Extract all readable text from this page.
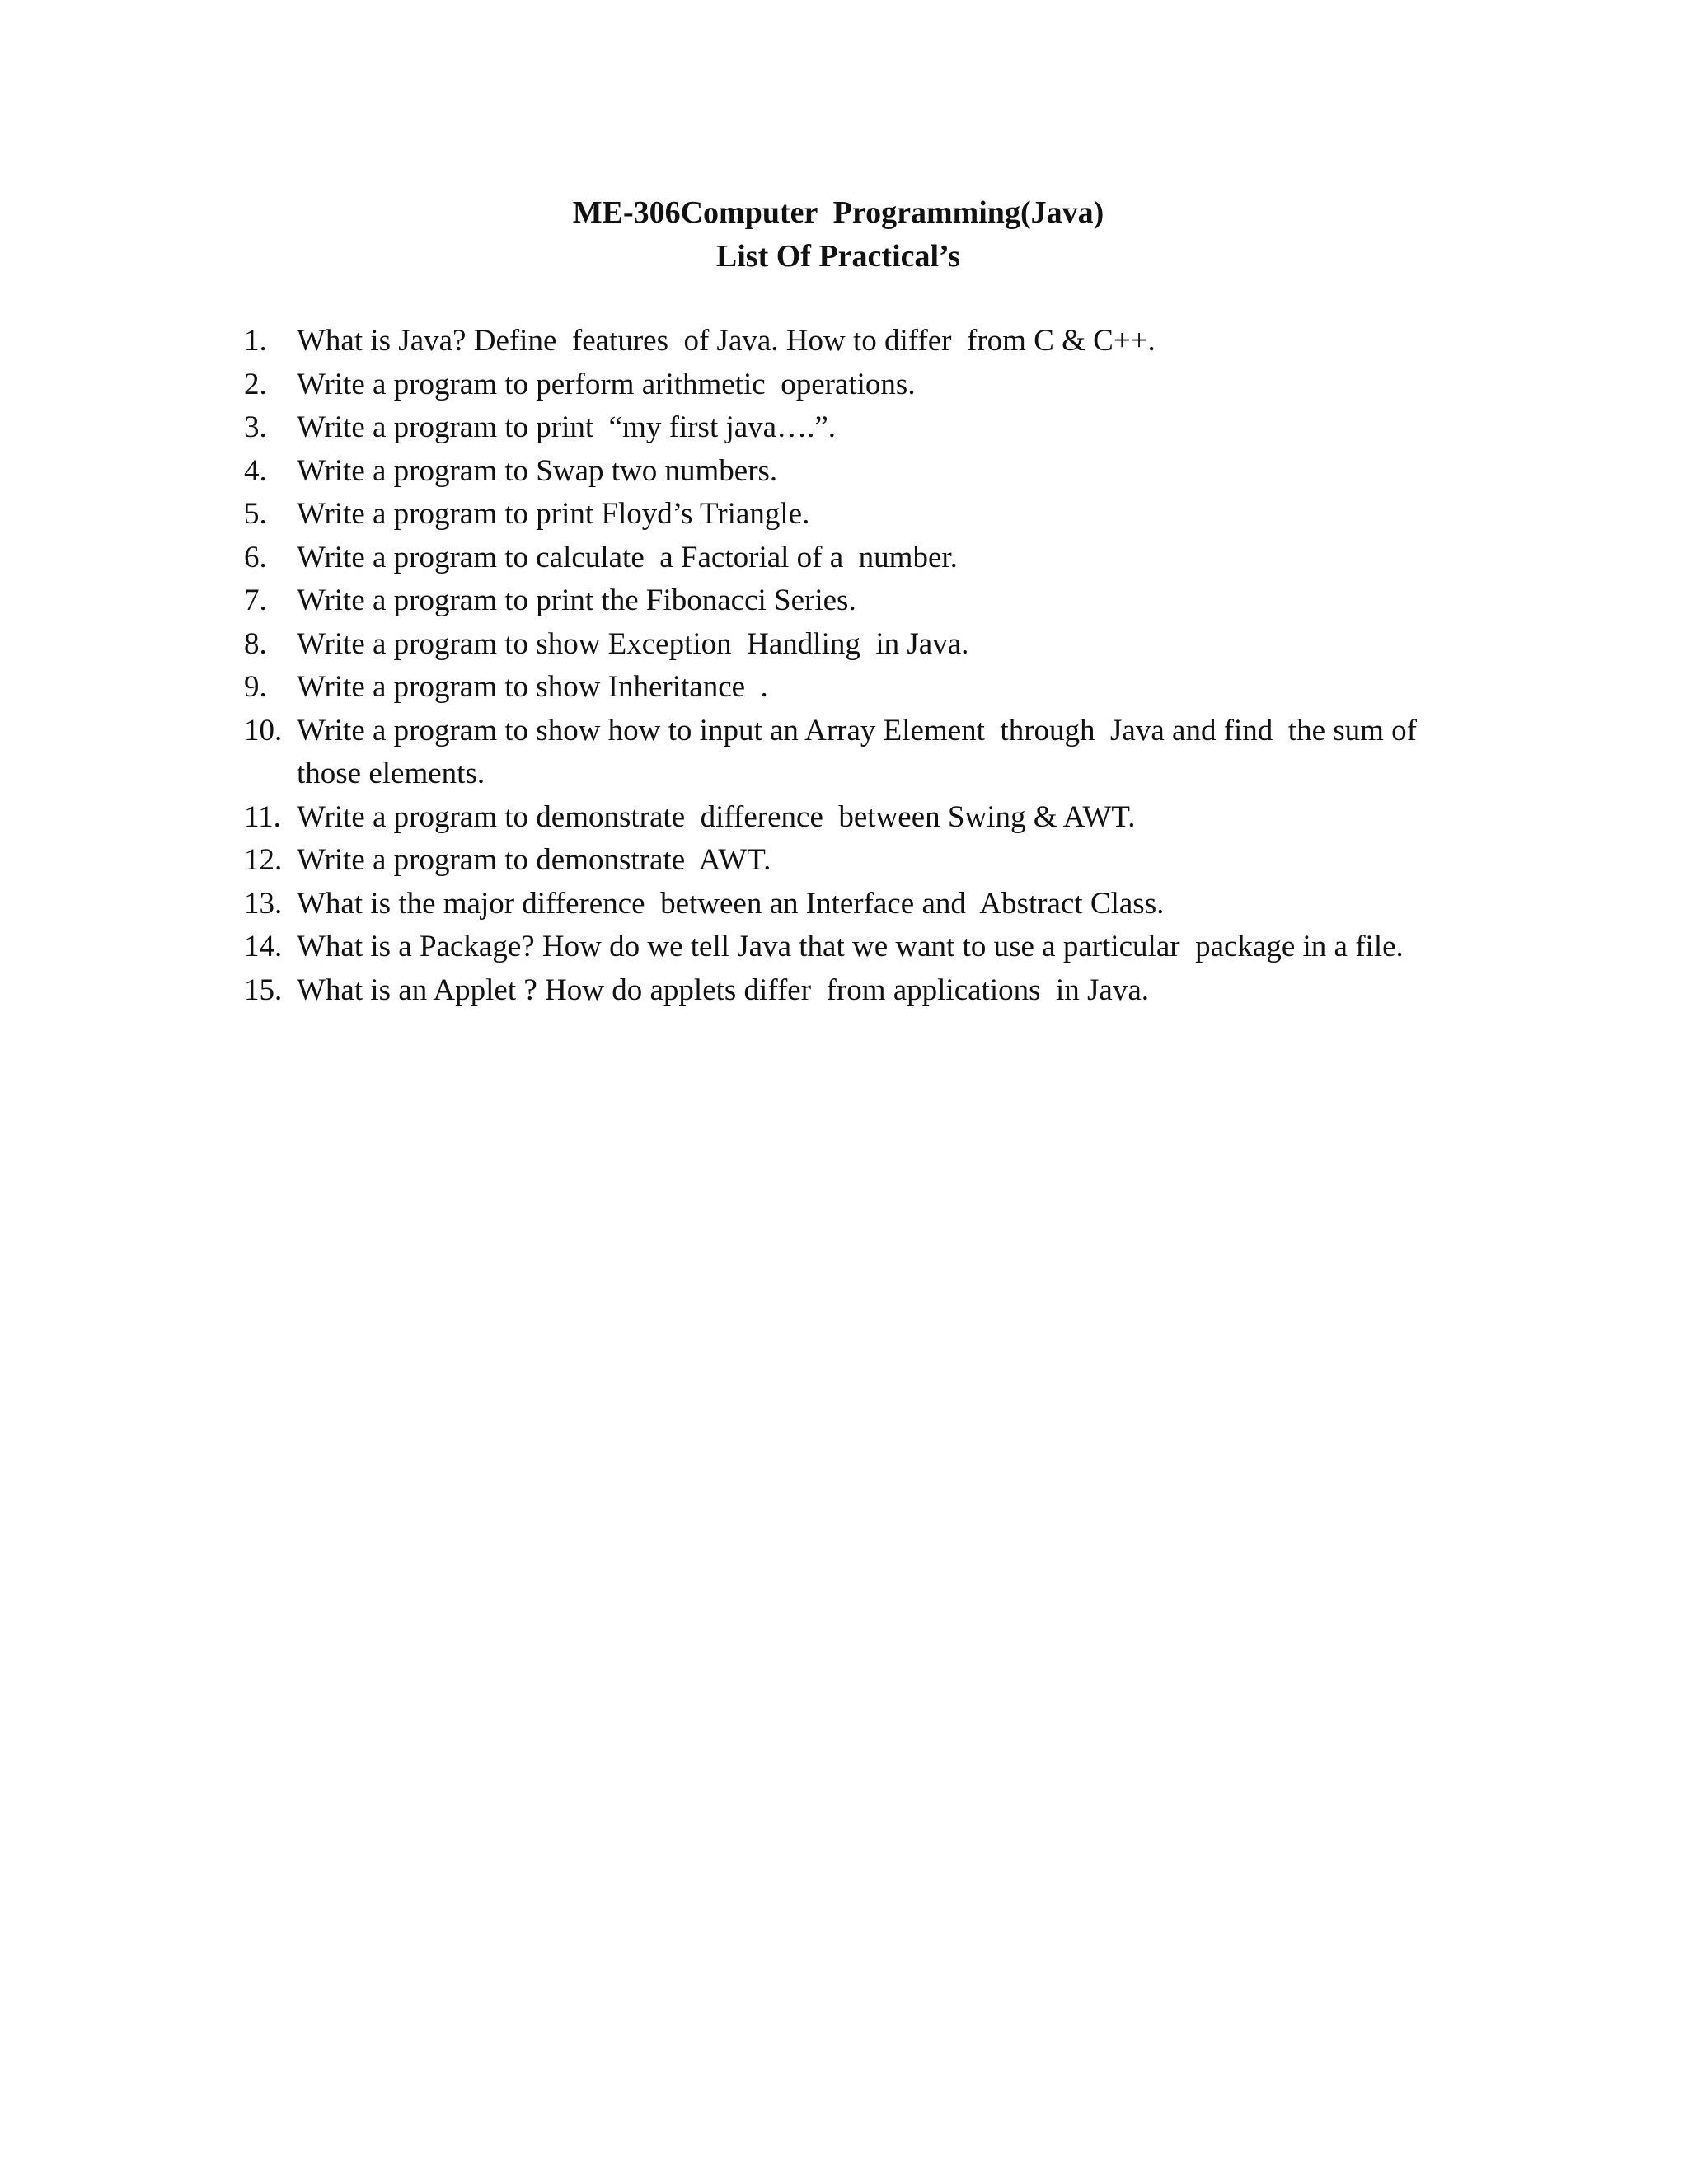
ME-306Computer  Programming(Java)
List Of Practical’s
1. What is Java? Define  features  of Java. How to differ  from C & C++.
2. Write a program to perform arithmetic  operations.
3. Write a program to print  “my first java….”.
4. Write a program to Swap two numbers.
5. Write a program to print Floyd’s Triangle.
6. Write a program to calculate  a Factorial of a  number.
7. Write a program to print the Fibonacci Series.
8. Write a program to show Exception  Handling  in Java.
9. Write a program to show Inheritance  .
10. Write a program to show how to input an Array Element  through  Java and find  the sum of those elements.
11. Write a program to demonstrate  difference  between Swing & AWT.
12. Write a program to demonstrate  AWT.
13. What is the major difference  between an Interface and  Abstract Class.
14. What is a Package? How do we tell Java that we want to use a particular  package in a file.
15. What is an Applet ? How do applets differ  from applications  in Java.
